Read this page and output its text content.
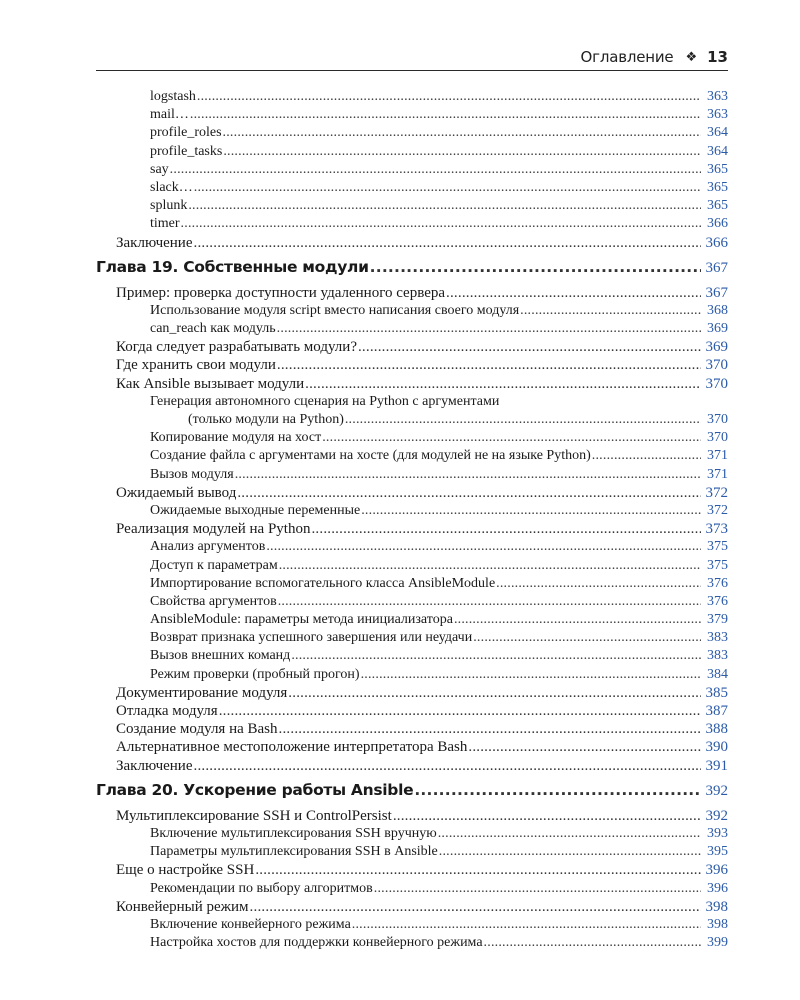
Оглавление ❖ 13
logstash .....	363
mail… .....	363
profile_roles .....	364
profile_tasks .....	364
say .....	365
slack… .....	365
splunk .....	365
timer .....	366
Заключение .....	366
Глава 19. Собственные модули .....	367
Пример: проверка доступности удаленного сервера .....	367
Использование модуля script вместо написания своего модуля .....	368
can_reach как модуль .....	369
Когда следует разрабатывать модули? .....	369
Где хранить свои модули .....	370
Как Ansible вызывает модули .....	370
Генерация автономного сценария на Python с аргументами
(только модули на Python) .....	370
Копирование модуля на хост .....	370
Создание файла с аргументами на хосте (для модулей не на языке Python) .....	371
Вызов модуля .....	371
Ожидаемый вывод .....	372
Ожидаемые выходные переменные .....	372
Реализация модулей на Python .....	373
Анализ аргументов .....	375
Доступ к параметрам .....	375
Импортирование вспомогательного класса AnsibleModule .....	376
Свойства аргументов .....	376
AnsibleModule: параметры метода инициализатора .....	379
Возврат признака успешного завершения или неудачи .....	383
Вызов внешних команд .....	383
Режим проверки (пробный прогон) .....	384
Документирование модуля .....	385
Отладка модуля .....	387
Создание модуля на Bash .....	388
Альтернативное местоположение интерпретатора Bash .....	390
Заключение .....	391
Глава 20. Ускорение работы Ansible .....	392
Мультиплексирование SSH и ControlPersist .....	392
Включение мультиплексирования SSH вручную .....	393
Параметры мультиплексирования SSH в Ansible .....	395
Еще о настройке SSH .....	396
Рекомендации по выбору алгоритмов .....	396
Конвейерный режим .....	398
Включение конвейерного режима .....	398
Настройка хостов для поддержки конвейерного режима .....	399
